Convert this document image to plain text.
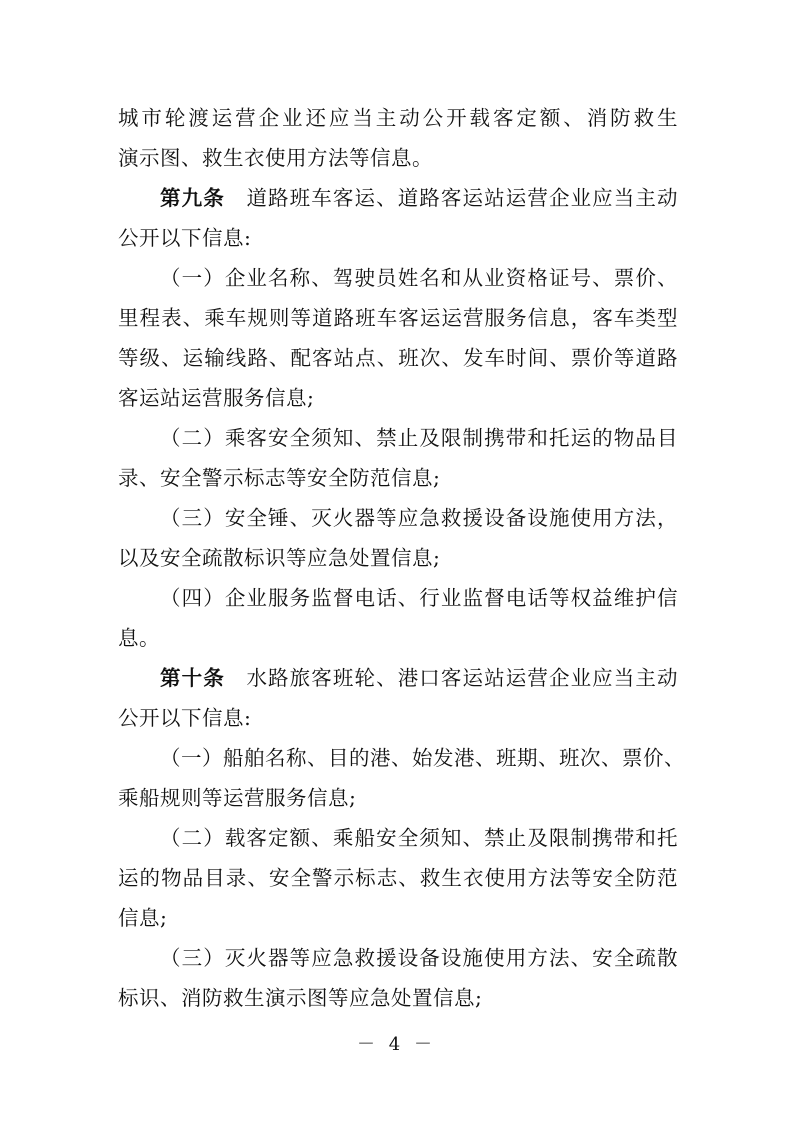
城市轮渡运营企业还应当主动公开载客定额、消防救生
演示图、救生衣使用方法等信息。
第九条　 道路班车客运、道路客运站运营企业应当主动
公开以下信息:
（一）企业名称、驾驶员姓名和从业资格证号、票价、
里程表、乘车规则等道路班车客运运营服务信息，客车类型
等级、运输线路、配客站点、班次、发车时间、票价等道路
客运站运营服务信息;
（二）乘客安全须知、禁止及限制携带和托运的物品目
录、安全警示标志等安全防范信息;
（三）安全锤、灭火器等应急救援设备设施使用方法，
以及安全疏散标识等应急处置信息;
（四）企业服务监督电话、行业监督电话等权益维护信
息。
第十条　 水路旅客班轮、港口客运站运营企业应当主动
公开以下信息:
（一）船舶名称、目的港、始发港、班期、班次、票价、
乘船规则等运营服务信息;
（二）载客定额、乘船安全须知、禁止及限制携带和托
运的物品目录、安全警示标志、救生衣使用方法等安全防范
信息;
（三）灭火器等应急救援设备设施使用方法、安全疏散
标识、消防救生演示图等应急处置信息;
－ 4 －
